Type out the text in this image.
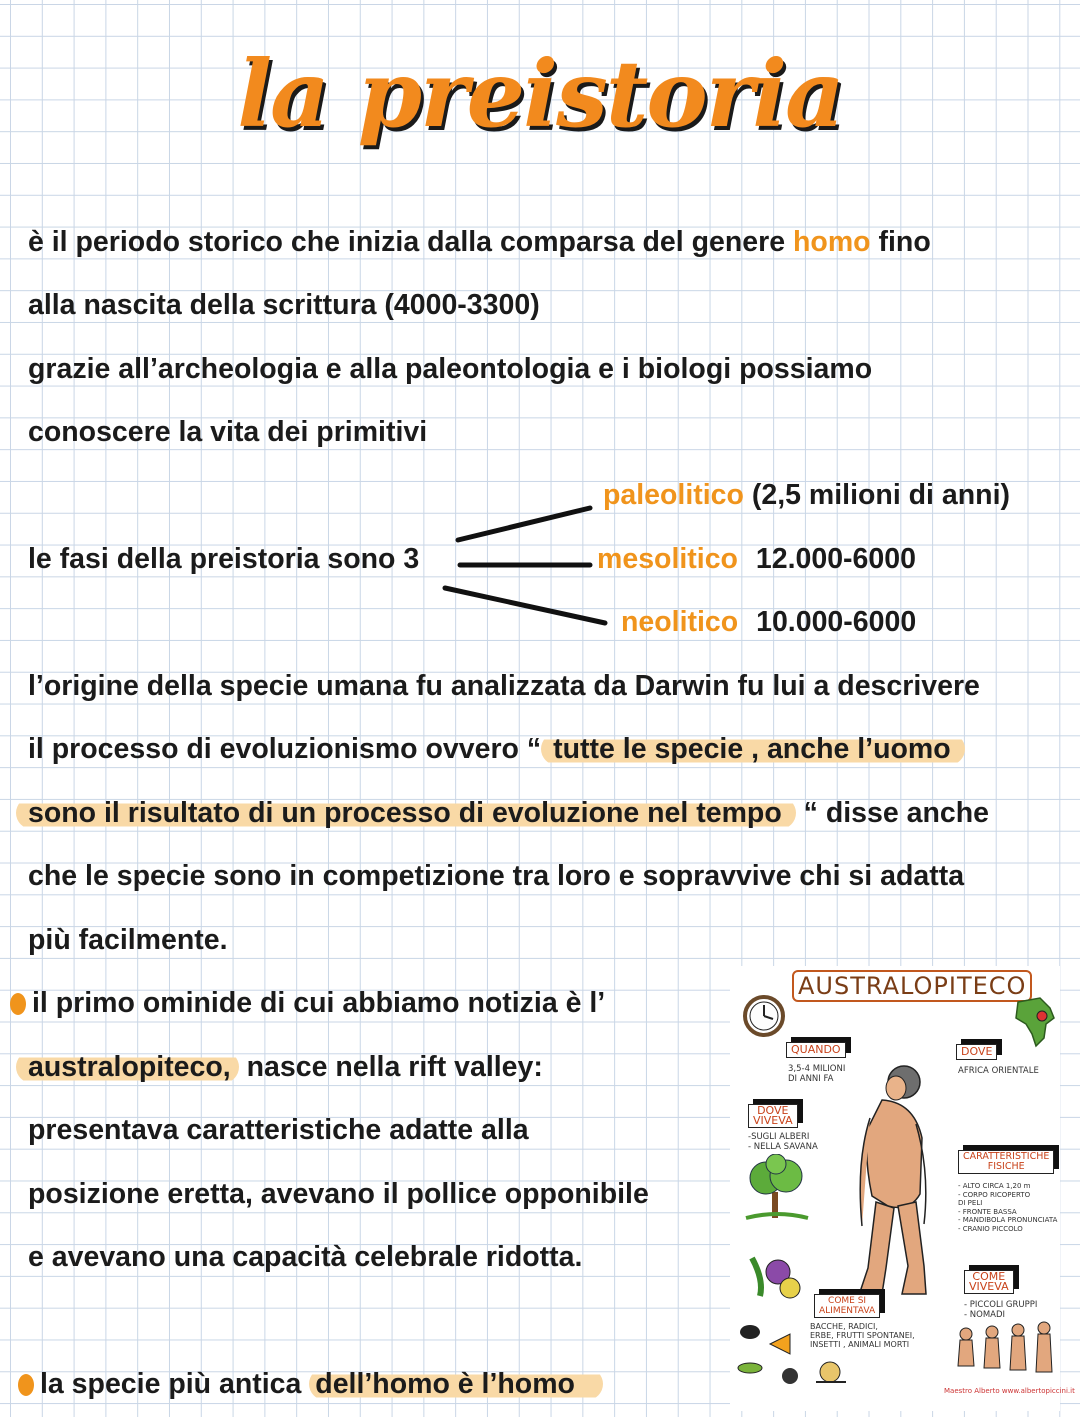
la preistoria
è il periodo storico che inizia dalla comparsa del genere homo fino
alla nascita della scrittura (4000-3300)
grazie all’archeologia e alla paleontologia e i biologi possiamo
conoscere la vita dei primitivi
le fasi della preistoria sono 3
paleolitico (2,5 milioni di anni)
mesolitico 12.000-6000
neolitico 10.000-6000
l’origine della specie umana fu analizzata da Darwin fu lui a descrivere
il processo di evoluzionismo ovvero “ tutte le specie , anche l’uomo
sono il risultato di un processo di evoluzione nel tempo “ disse anche
che le specie sono in competizione tra loro e sopravvive chi si adatta
più facilmente.
il primo ominide di cui abbiamo notizia è l’
australopiteco, nasce nella rift valley:
presentava caratteristiche adatte alla
posizione eretta, avevano il pollice opponibile
e avevano una capacità celebrale ridotta.
la specie più antica dell’homo è l’homo
AUSTRALOPITECO
QUANDO
3,5-4 MILIONI
DI ANNI FA
DOVE
AFRICA ORIENTALE
DOVE
VIVEVA
-SUGLI ALBERI
- NELLA SAVANA
CARATTERISTICHE
FISICHE
- ALTO CIRCA 1,20 m
- CORPO RICOPERTO
DI PELI
- FRONTE BASSA
- MANDIBOLA PRONUNCIATA
- CRANIO PICCOLO
COME
VIVEVA
- PICCOLI GRUPPI
- NOMADI
COME SI
ALIMENTAVA
BACCHE, RADICI,
ERBE, FRUTTI SPONTANEI,
INSETTI , ANIMALI MORTI
Maestro Alberto www.albertopiccini.it
